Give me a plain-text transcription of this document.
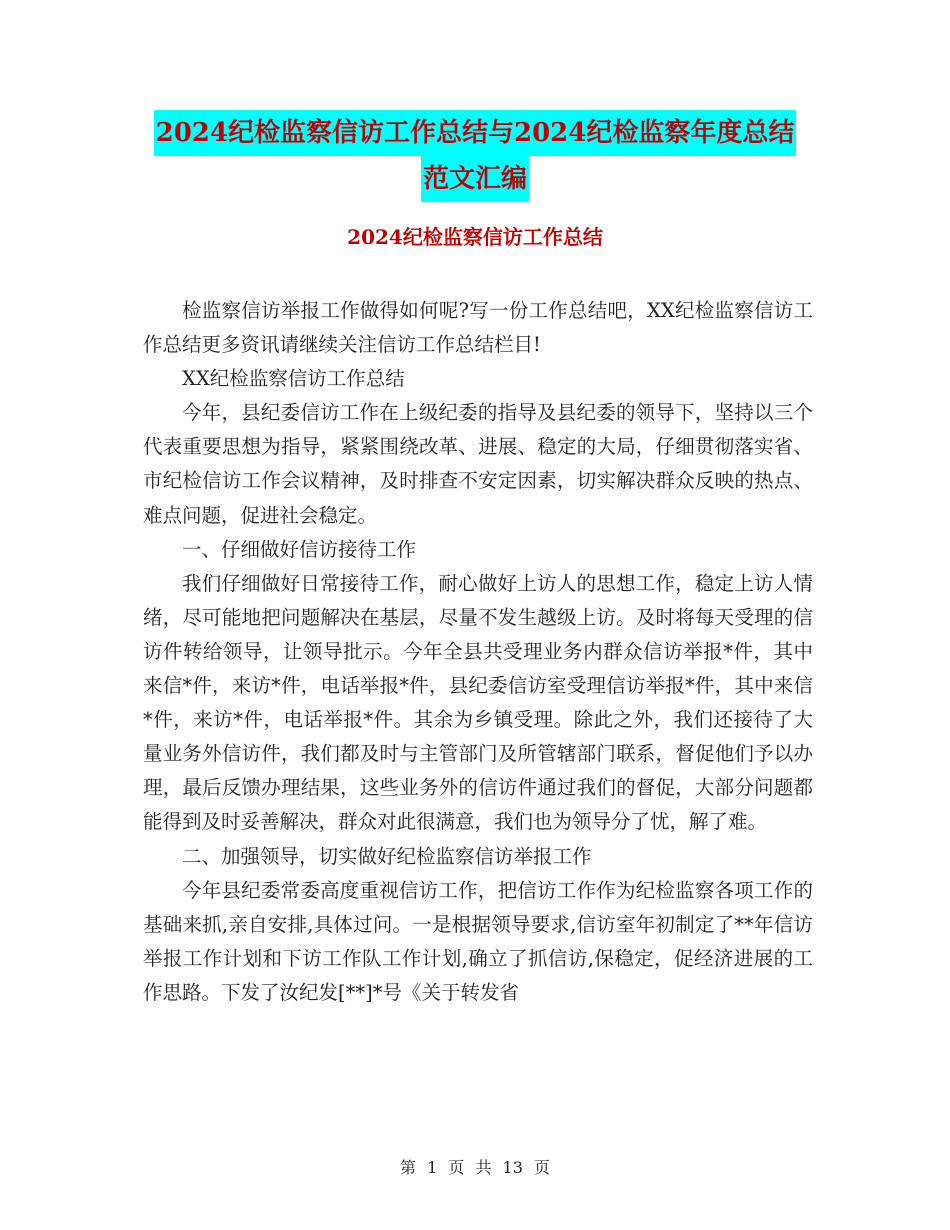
2024纪检监察信访工作总结与2024纪检监察年度总结
范文汇编
2024纪检监察信访工作总结

检监察信访举报工作做得如何呢?写一份工作总结吧，XX纪检监察信访工作总结更多资讯请继续关注信访工作总结栏目!

XX纪检监察信访工作总结

今年，县纪委信访工作在上级纪委的指导及县纪委的领导下，坚持以三个代表重要思想为指导，紧紧围绕改革、进展、稳定的大局，仔细贯彻落实省、市纪检信访工作会议精神，及时排查不安定因素，切实解决群众反映的热点、难点问题，促进社会稳定。

一、仔细做好信访接待工作

我们仔细做好日常接待工作，耐心做好上访人的思想工作，稳定上访人情绪，尽可能地把问题解决在基层，尽量不发生越级上访。及时将每天受理的信访件转给领导，让领导批示。今年全县共受理业务内群众信访举报*件，其中来信*件，来访*件，电话举报*件，县纪委信访室受理信访举报*件，其中来信*件，来访*件，电话举报*件。其余为乡镇受理。除此之外，我们还接待了大量业务外信访件，我们都及时与主管部门及所管辖部门联系，督促他们予以办理，最后反馈办理结果，这些业务外的信访件通过我们的督促，大部分问题都能得到及时妥善解决，群众对此很满意，我们也为领导分了忧，解了难。

二、加强领导，切实做好纪检监察信访举报工作

今年县纪委常委高度重视信访工作，把信访工作作为纪检监察各项工作的基础来抓,亲自安排,具体过问。一是根据领导要求,信访室年初制定了**年信访举报工作计划和下访工作队工作计划,确立了抓信访,保稳定，促经济进展的工作思路。下发了汝纪发[**]*号《关于转发省

第 1 页 共 13 页
